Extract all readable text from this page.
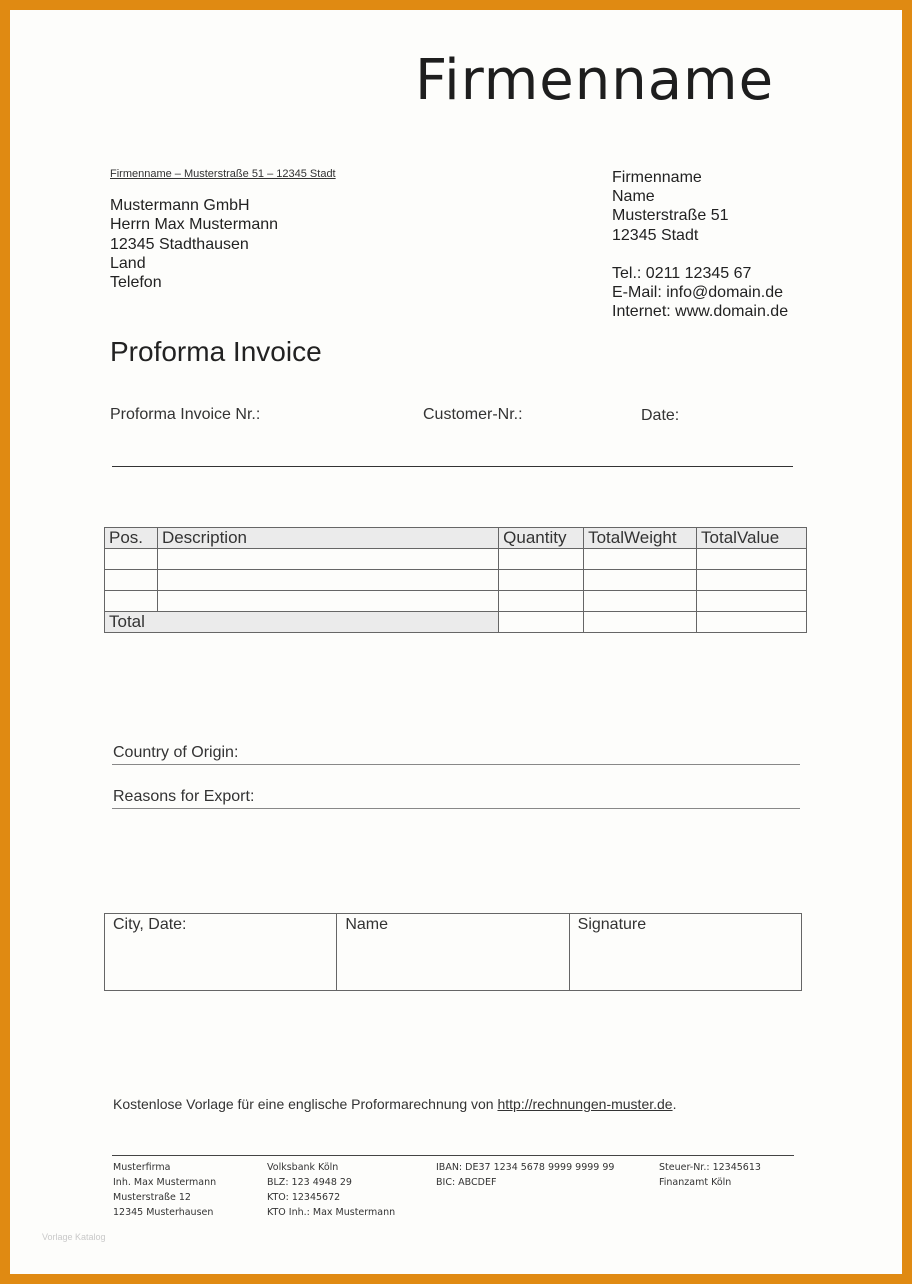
Firmenname
Firmenname – Musterstraße 51 – 12345 Stadt
Mustermann GmbH
Herrn Max Mustermann
12345 Stadthausen
Land
Telefon
Firmenname
Name
Musterstraße 51
12345 Stadt
Tel.: 0211 12345 67
E-Mail: info@domain.de
Internet: www.domain.de
Proforma Invoice
Proforma Invoice Nr.:	Customer-Nr.:	Date:
Pos.	Description	Quantity	TotalWeight	TotalValue

Total				
Country of Origin:
Reasons for Export:
City, Date:	Name	Signature
Kostenlose Vorlage für eine englische Proformarechnung von http://rechnungen-muster.de.
Musterfirma
Inh. Max Mustermann
Musterstraße 12
12345 Musterhausen
Volksbank Köln
BLZ: 123 4948 29
KTO: 12345672
KTO Inh.: Max Mustermann
IBAN: DE37 1234 5678 9999 9999 99
BIC: ABCDEF
Steuer-Nr.: 12345613
Finanzamt Köln
Vorlage Katalog
